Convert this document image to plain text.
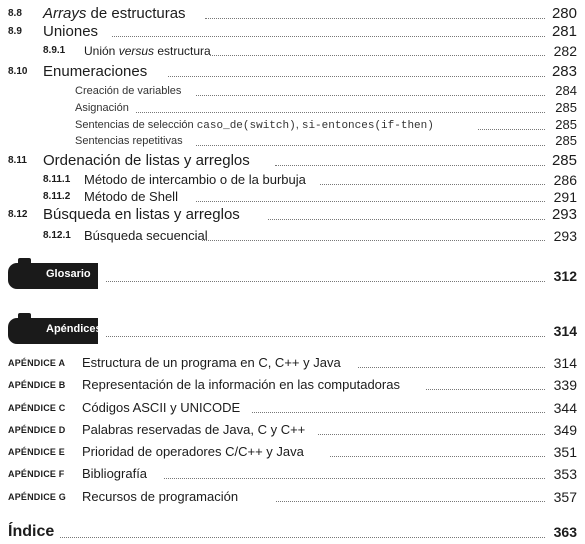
8.8 Arrays de estructuras	280
8.9 Uniones	281
8.9.1 Unión versus estructura	282
8.10 Enumeraciones	283
Creación de variables	284
Asignación	285
Sentencias de selección caso_de(switch), si-entonces(if-then)	285
Sentencias repetitivas	285
8.11 Ordenación de listas y arreglos	285
8.11.1 Método de intercambio o de la burbuja	286
8.11.2 Método de Shell	291
8.12 Búsqueda en listas y arreglos	293
8.12.1 Búsqueda secuencial	293
Glosario	312
Apéndices	314
APÉNDICE A Estructura de un programa en C, C++ y Java	314
APÉNDICE B Representación de la información en las computadoras	339
APÉNDICE C Códigos ASCII y UNICODE	344
APÉNDICE D Palabras reservadas de Java, C y C++	349
APÉNDICE E Prioridad de operadores C/C++ y Java	351
APÉNDICE F Bibliografía	353
APÉNDICE G Recursos de programación	357
Índice	363
